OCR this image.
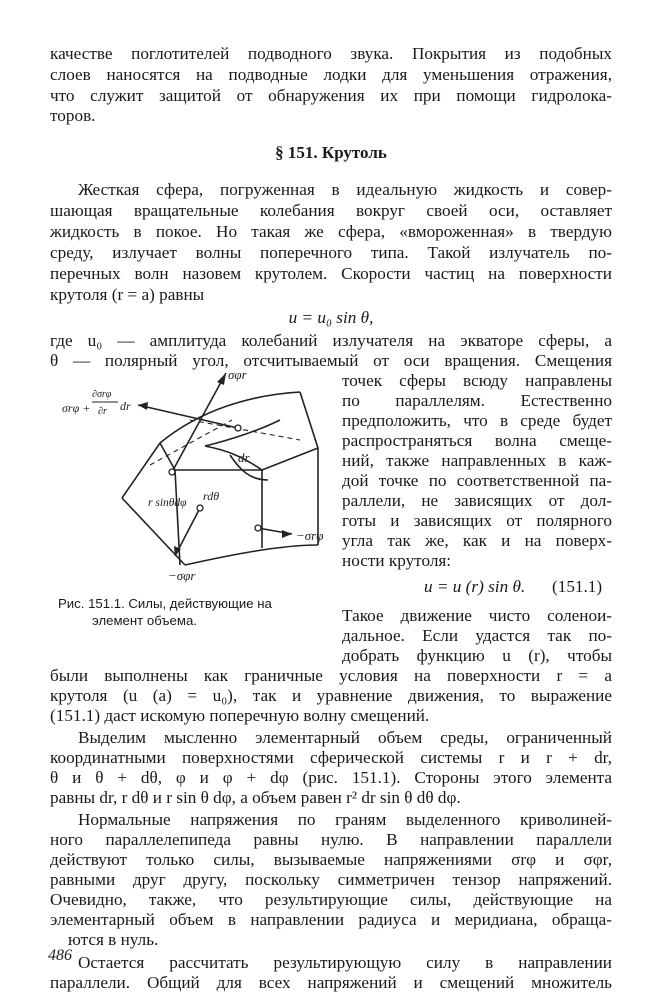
качестве поглотителей подводного звука. Покрытия из подобных
слоев наносятся на подводные лодки для уменьшения отражения,
что служит защитой от обнаружения их при помощи гидролока-
торов.
§ 151. Крутоль
Жесткая сфера, погруженная в идеальную жидкость и совер-
шающая вращательные колебания вокруг своей оси, оставляет
жидкость в покое. Но такая же сфера, «вмороженная» в твердую
среду, излучает волны поперечного типа. Такой излучатель по-
перечных волн назовем крутолем. Скорости частиц на поверхности
крутоля (r = a) равны
u = u₀ sin θ,
где u₀ — амплитуда колебаний излучателя на экваторе сферы, а
θ — полярный угол, отсчитываемый от оси вращения. Смещения
точек сферы всюду направлены
по параллелям. Естественно
предположить, что в среде будет
распространяться волна смеще-
ний, также направленных в каж-
дой точке по соответственной па-
раллели, не зависящих от дол-
готы и зависящих от полярного
угла так же, как и на поверх-
ности крутоля:
u = u (r) sin θ.	(151.1)
Такое движение чисто соленои-
дальное. Если удастся так по-
добрать функцию u (r), чтобы
Рис. 151.1. Силы, действующие на
элемент объема.
были выполнены как граничные условия на поверхности r = a
крутоля (u (a) = u₀), так и уравнение движения, то выражение
(151.1) даст искомую поперечную волну смещений.
Выделим мысленно элементарный объем среды, ограниченный
координатными поверхностями сферической системы r и r + dr,
θ и θ + dθ, φ и φ + dφ (рис. 151.1). Стороны этого элемента
равны dr, r dθ и r sin θ dφ, а объем равен r² dr sin θ dθ dφ.
Нормальные напряжения по граням выделенного криволиней-
ного параллелепипеда равны нулю. В направлении параллели
действуют только силы, вызываемые напряжениями σrφ и σφr,
равными друг другу, поскольку симметричен тензор напряжений.
Очевидно, также, что результирующие силы, действующие на
элементарный объем в направлении радиуса и меридиана, обраща-
ются в нуль.
Остается рассчитать результирующую силу в направлении
параллели. Общий для всех напряжений и смещений множитель
486
σφr
σrφ +
∂σrφ
∂r dr
dr
r sinθdφ rdθ
−σrφ
−σφr
